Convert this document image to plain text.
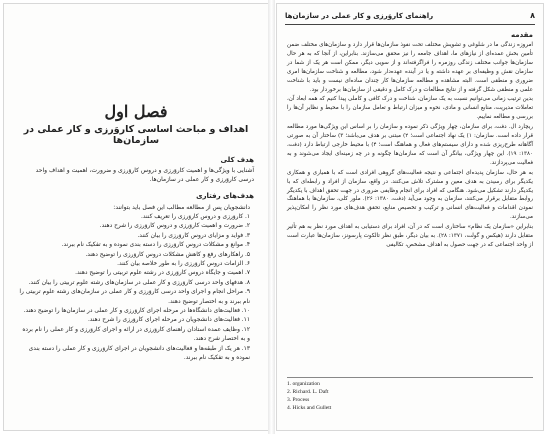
فصل اول
اهداف و مباحث اساسی کاروَرزی و کار عملی در سازمان‌ها

هدف کلی

آشنایی با ویژگی‌ها و اهمیت کاروَرزی و دروس کاروَرزی و ضرورت، اهمیت و اهداف واحد درسی کاروَرزی و کار عملی در سازمان‌ها.

هدف‌های رفتاری

دانشجویان پس از مطالعه مطالب این فصل باید بتوانند:
۱. کاروَرزی و دروس کاروَرزی را تعریف کنند.
۲. ضرورت و اهمیت کاروَرزی و دروس کاروَرزی را شرح دهند.
۳. فواید و مزایای دروس کاروَرزی را بیان کنند.
۴. موانع و مشکلات دروس کاروَرزی را دسته بندی نموده و به تفکیک نام ببرند.
۵. راهکارهای رفع و کاهش مشکلات دروس کاروَرزی را توضیح دهند.
۶. الزامات دروس کاروَرزی را به طور خلاصه بیان کنند.
۷. اهمیت و جایگاه دروس کاروَرزی در رشته علوم تربیتی را توضیح دهند.
۸. هدفهای واحد درسی کاروَرزی و کار عملی در سازمان‌های رشته علوم تربیتی را بیان کنند.
۹. مراحل انجام و اجرای واحد درسی کاروَرزی و کار عملی در سازمان‌های رشته علوم تربیتی را نام ببرند و به اختصار توضیح دهند.
۱۰. فعالیت‌های دانشگاه‌ها در مرحله اجرای کاروَرزی و کار عملی در سازمان‌ها را توضیح دهند.
۱۱. فعالیت‌های دانشجویان در مرحله اجرای کاروَرزی را شرح دهند.
۱۲. وظایف عمده استادان راهنمای کاروَرزی در ارائه و اجرای کاروَرزی و کار عملی را نام برده و به اختصار شرح دهند.
۱۳. هر یک از طبقه‌ها و فعالیت‌های دانشجویان در اجرای کاروَرزی و کار عملی را دسته بندی نموده و به تفکیک نام ببرند.
۸
راهنمای کاروَرزی و کار عملی در سازمان‌ها

مقدمه

امروزه زندگی ما در شلوغی و تشویش مختلف تحت نفوذ سازمان‌ها قرار دارد و سازمان‌های مختلف ضمن تأمین بخش عمده‌ای از نیازهای ما، اهداف جامعه را نیز محقق می‌سازند. بنابراین، از آنجا که به هر حال سازمان‌ها جوانب مختلف زندگی روزمره را فراگرفته‌اند و از سویی دیگر، ممکن است هر یک از شما در سازمان نقش و وظیفه‌ای بر عهده داشته و یا در آینده عهده‌دار شود، مطالعه و شناخت سازمان‌ها امری ضروری و منطقی است. البته مشاهده و مطالعه سازمان‌ها کار چندان ساده‌ای نیست و باید با شناخت علمی و منطقی شکل گرفته و از نتایج مطالعات و درک کامل و دقیقی از سازمان‌ها برخوردار بود.

بدین ترتیب زمانی می‌توانیم نسبت به یک سازمان، شناخت و درک کافی و کاملی پیدا کنیم که همه ابعاد آن، تعاملات مدیریت، منابع انسانی و مادی، نحوه و میزان ارتباط و تعامل سازمان را با محیط و نظایر آن‌ها را بررسی و مطالعه نماییم.

ریچارد ال. دفت، برای سازمان، چهار ویژگی ذکر نموده و سازمان را بر اساس این ویژگی‌ها مورد مطالعه قرار داده است. سازمان: ۱) یک نهاد اجتماعی است؛ ۲) مبتنی بر هدف می‌باشد؛ ۳) ساختار آن به صورتی آگاهانه طرح‌ریزی شده و دارای سیستم‌های فعال و هماهنگ است؛ ۴) با محیط خارجی ارتباط دارد (دفت، ۱۳۸۰: ۱۹). این چهار ویژگی، بیانگر آن است که سازمان‌ها چگونه و در چه زمینه‌ای ایجاد می‌شوند و به فعالیت می‌پردازند.

به هر حال، سازمان پدیده‌ای اجتماعی و نتیجه فعالیت‌های گروهی افرادی است که با همیاری و همکاری یکدیگر برای رسیدن به هدف معین و مشترک تلاش می‌کنند. در واقع، سازمان از افراد و رابطه‌ای که با یکدیگر دارند تشکیل می‌شود. هنگامی که افراد برای انجام وظایفی ضروری در جهت تحقق اهداف با یکدیگر روابط متقابل برقرار می‌کنند، سازمان به وجود می‌آید (دفت، ۱۳۸۰: ۲۶). ملور کلی، سازمان‌ها با هماهنگ نمودن اقدامات و فعالیت‌های انسانی و ترکیب و تخصیص منابع، تحقق هدف‌های مورد نظر را امکان‌پذیر می‌سازند.

بنابراین «سازمان یک نظام» ساختاری است که در آن، افراد برای دستیابی به اهداف مورد نظر به هم تأثیر متقابل دارند (هیکس و گولت، ۱۳۷۱: ۲۸). به بیان دیگر، طبق نظر تالکوت پارسونز، سازمان‌ها عبارت است از واحد اجتماعی که در جهت حصول به اهداف مشخص، تکالیفی

1. organization
2. Richard. L. Daft
3. Process
4. Hicks and Gullett
